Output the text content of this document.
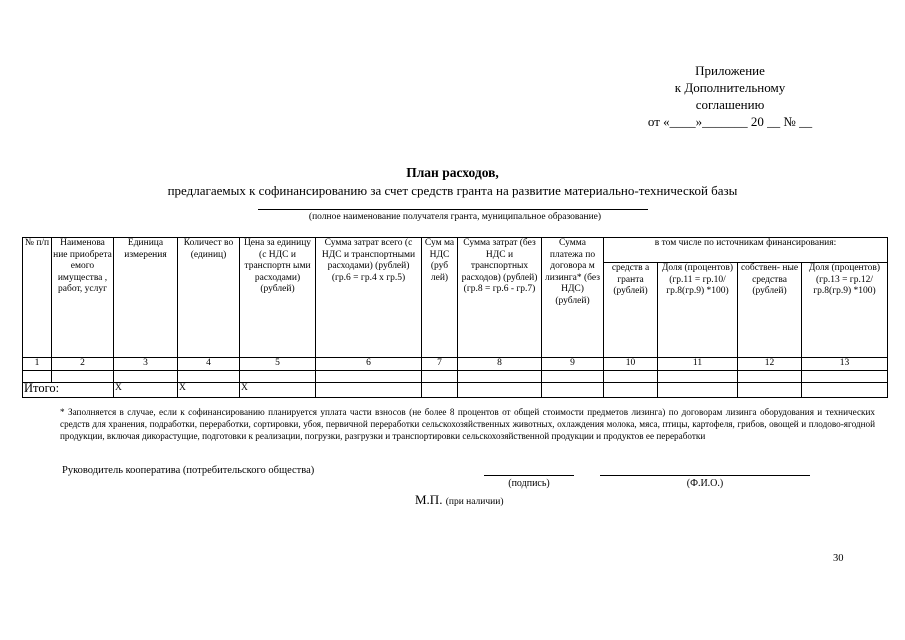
Приложение
к Дополнительному
соглашению
от «____»_______ 20 __ № __
План расходов,
предлагаемых к софинансированию за счет средств гранта на развитие материально-технической базы
(полное наименование получателя гранта, муниципальное образование)
№ п/п	Наименова ние приобрета емого имущества , работ, услуг	Единица измерения	Количест во (единиц)	Цена за единицу (с НДС и транспортн ыми расходами) (рублей)	Сумма затрат всего (с НДС и транспортными расходами) (рублей) (гр.6 = гр.4 x гр.5)	Сум ма НДС (руб лей)	Сумма затрат (без НДС и транспортных расходов) (рублей) (гр.8 = гр.6 - гр.7)	Сумма платежа по договора м лизинга* (без НДС) (рублей)	в том числе по источникам финансирования:			
									средств а гранта (рублей)	Доля (процентов) (гр.11 = гр.10/ гр.8(гр.9) *100)	собствен- ные средства (рублей)	Доля (процентов) (гр.13 = гр.12/ гр.8(гр.9) *100)
1	2	3	4	5	6	7	8	9	10	11	12	13

Итого:		X	X	X								
* Заполняется в случае, если к софинансированию планируется уплата части взносов (не более 8 процентов от общей стоимости предметов лизинга) по договорам лизинга оборудования и технических средств для хранения, подработки, переработки, сортировки, убоя, первичной переработки сельскохозяйственных животных, охлаждения молока, мяса, птицы, картофеля, грибов, овощей и плодово-ягодной продукции, включая дикорастущие, подготовки к реализации, погрузки, разгрузки и транспортировки сельскохозяйственной продукции и продуктов ее переработки
Руководитель кооператива (потребительского общества)
(подпись)	(Ф.И.О.)
М.П. (при наличии)
30
